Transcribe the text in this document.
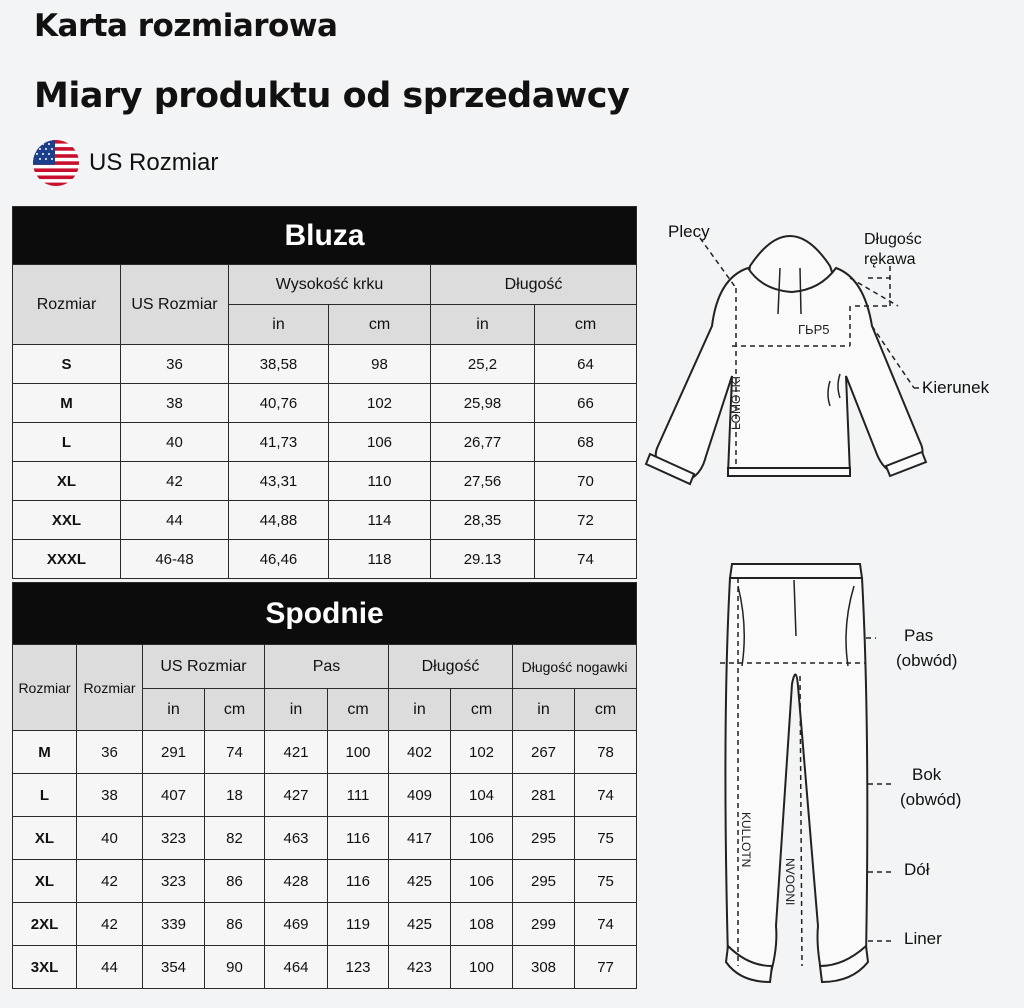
Karta rozmiarowa
Miary produktu od sprzedawcy
US Rozmiar
Bluza					
Rozmiar	US Rozmiar	Wysokość krku		Długość	
		in	cm	in	cm
S	36	38,58	98	25,2	64
M	38	40,76	102	25,98	66
L	40	41,73	106	26,77	68
XL	42	43,31	110	27,56	70
XXL	44	44,88	114	28,35	72
XXXL	46-48	46,46	118	29.13	74
Spodnie									
Rozmiar	Rozmiar	US Rozmiar		Pas		Długość		Długość nogawki	
		in	cm	in	cm	in	cm	in	cm
M	36	291	74	421	100	402	102	267	78
L	38	407	18	427	111	409	104	281	74
XL	40	323	82	463	116	417	106	295	75
XL	42	323	86	428	116	425	106	295	75
2XL	42	339	86	469	119	425	108	299	74
3XL	44	354	90	464	123	423	100	308	77
ГЬР5
LOMOTKI
KULLOTN
NVOONI
Plecy	Długośc
rękawa
Kierunek
Pas
(obwód)
Bok
(obwód)
Dół
Liner
